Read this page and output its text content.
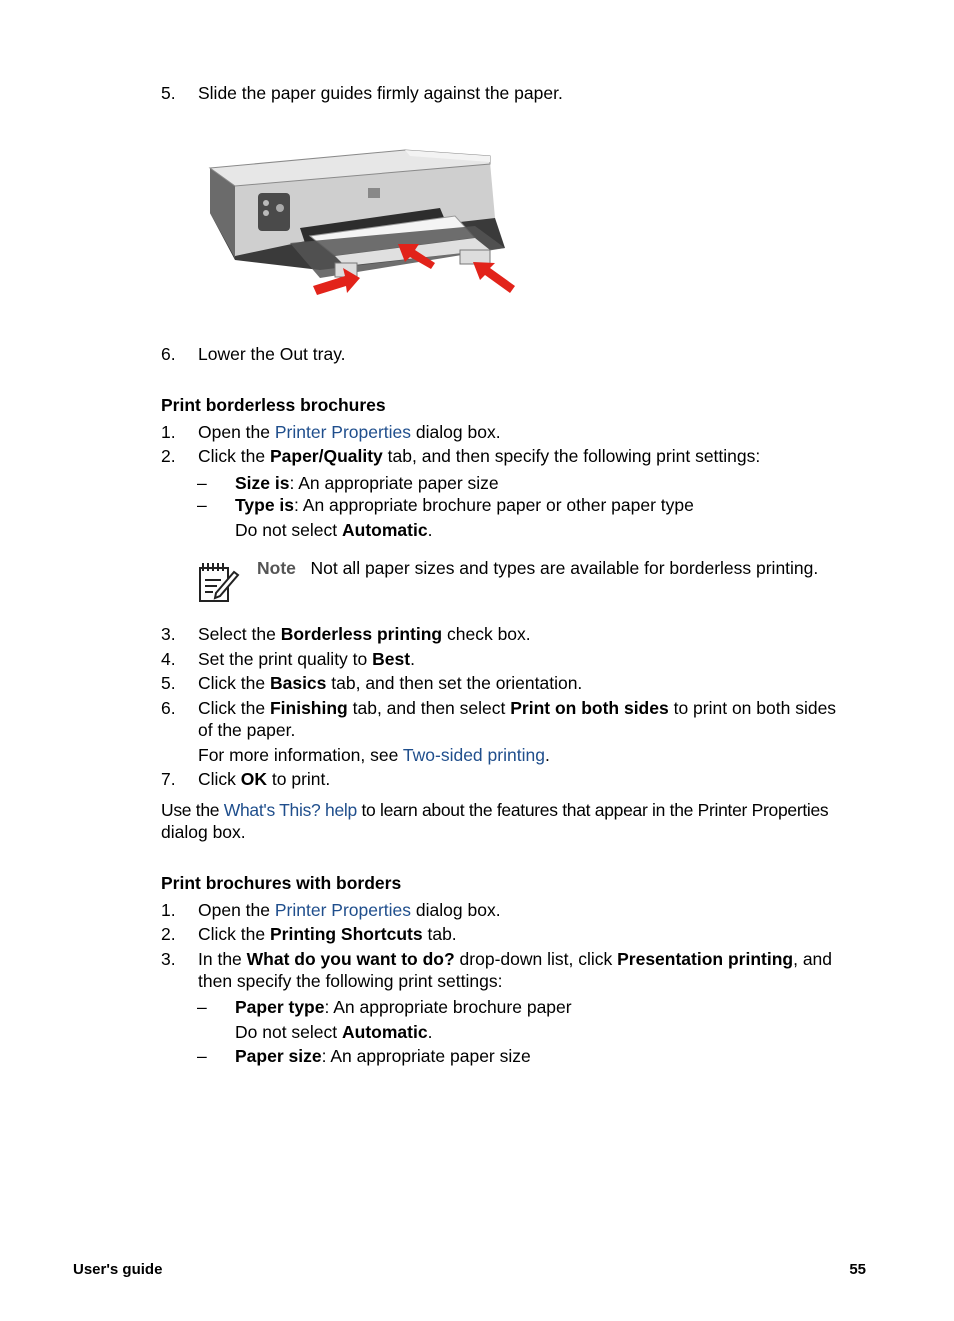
5. Slide the paper guides firmly against the paper.
6. Lower the Out tray.
Print borderless brochures
1. Open the Printer Properties dialog box.
2. Click the Paper/Quality tab, and then specify the following print settings:
– Size is: An appropriate paper size
– Type is: An appropriate brochure paper or other paper type
Do not select Automatic.
Note Not all paper sizes and types are available for borderless printing.
3. Select the Borderless printing check box.
4. Set the print quality to Best.
5. Click the Basics tab, and then set the orientation.
6. Click the Finishing tab, and then select Print on both sides to print on both sides
of the paper.
For more information, see Two-sided printing.
7. Click OK to print.
Use the What's This? help to learn about the features that appear in the Printer Properties
dialog box.
Print brochures with borders
1. Open the Printer Properties dialog box.
2. Click the Printing Shortcuts tab.
3. In the What do you want to do? drop-down list, click Presentation printing, and
then specify the following print settings:
– Paper type: An appropriate brochure paper
Do not select Automatic.
– Paper size: An appropriate paper size
User's guide	55
